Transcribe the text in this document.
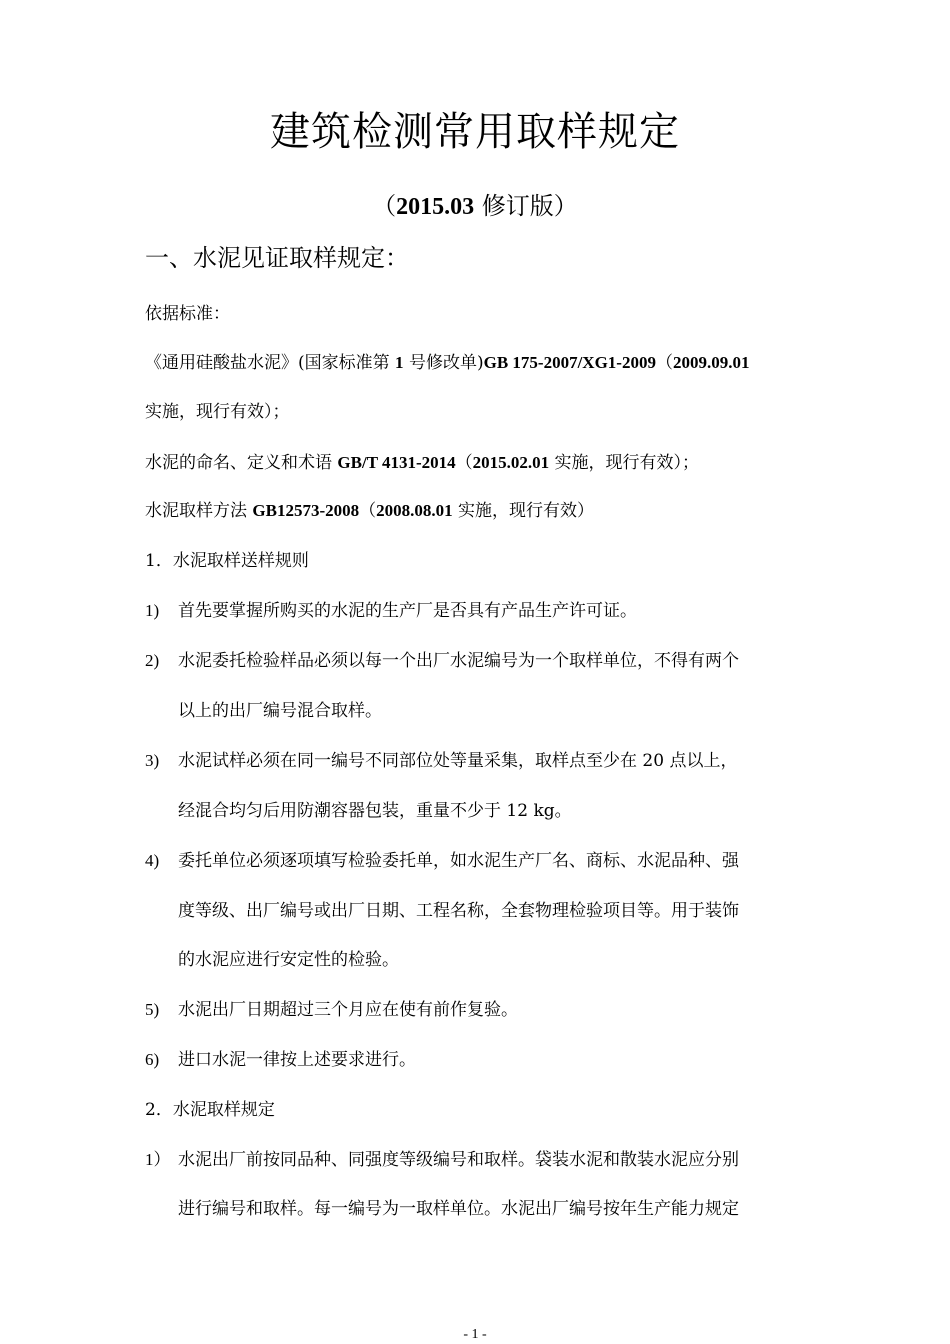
建筑检测常用取样规定
（2015.03 修订版）
一、水泥见证取样规定：
依据标准：
《通用硅酸盐水泥》(国家标准第 1 号修改单)GB 175-2007/XG1-2009（2009.09.01
实施，现行有效）；
水泥的命名、定义和术语 GB/T 4131-2014（2015.02.01 实施，现行有效）；
水泥取样方法 GB12573-2008（2008.08.01 实施，现行有效）
1．水泥取样送样规则
1) 首先要掌握所购买的水泥的生产厂是否具有产品生产许可证。
2) 水泥委托检验样品必须以每一个出厂水泥编号为一个取样单位，不得有两个
以上的出厂编号混合取样。
3) 水泥试样必须在同一编号不同部位处等量采集，取样点至少在 20 点以上，
经混合均匀后用防潮容器包装，重量不少于 12 kg。
4) 委托单位必须逐项填写检验委托单，如水泥生产厂名、商标、水泥品种、强
度等级、出厂编号或出厂日期、工程名称，全套物理检验项目等。用于装饰
的水泥应进行安定性的检验。
5) 水泥出厂日期超过三个月应在使有前作复验。
6) 进口水泥一律按上述要求进行。
2．水泥取样规定
1） 水泥出厂前按同品种、同强度等级编号和取样。袋装水泥和散装水泥应分别
进行编号和取样。每一编号为一取样单位。水泥出厂编号按年生产能力规定
- 1 -
